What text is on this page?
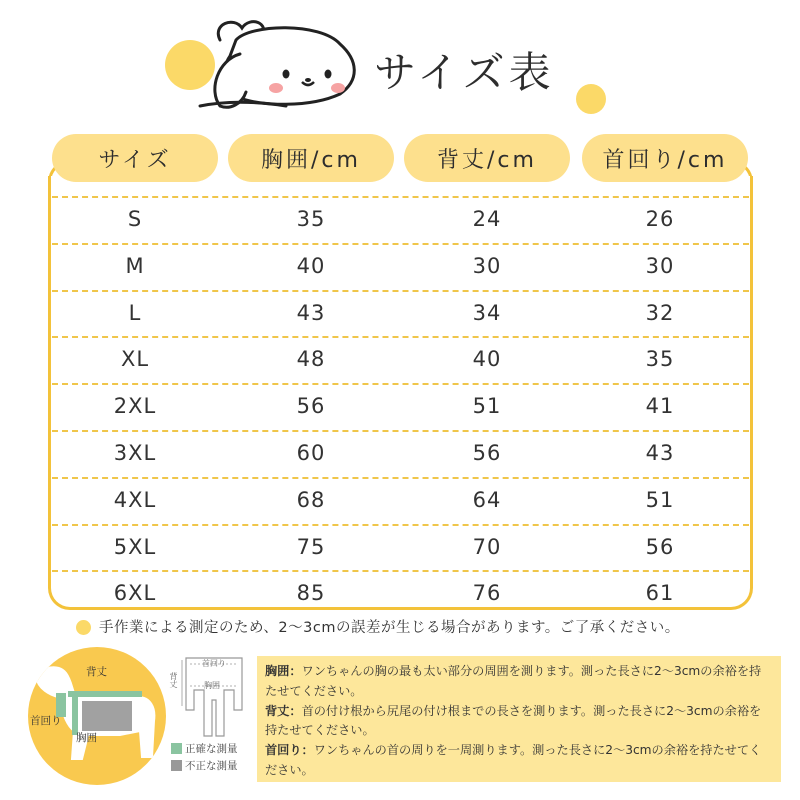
サイズ表
サイズ	胸囲/cm	背丈/cm	首回り/cm
S	35	24	26
M	40	30	30
L	43	34	32
XL	48	40	35
2XL	56	51	41
3XL	60	56	43
4XL	68	64	51
5XL	75	70	56
6XL	85	76	61
手作業による測定のため、2〜3cmの誤差が生じる場合があります。ご了承ください。
背丈
首回り
胸囲
首回り
胸囲
背丈
正確な測量
不正な測量
胸囲：ワンちゃんの胸の最も太い部分の周囲を測ります。測った長さに2〜3cmの余裕を持たせてください。
背丈：首の付け根から尻尾の付け根までの長さを測ります。測った長さに2〜3cmの余裕を持たせてください。
首回り：ワンちゃんの首の周りを一周測ります。測った長さに2〜3cmの余裕を持たせてください。
